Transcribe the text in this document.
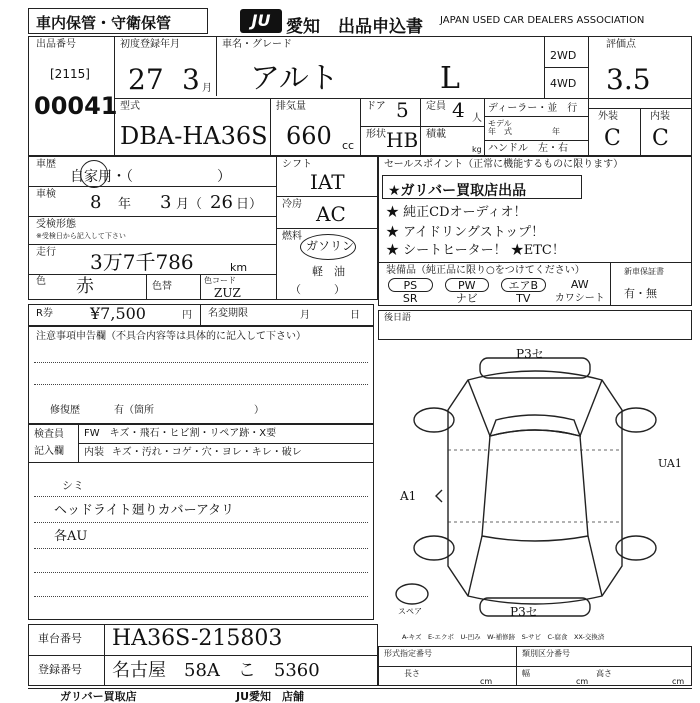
車内保管・守衛保管	JU 愛知 出品申込書 JAPAN USED CAR DEALERS ASSOCIATION
出品番号
[2115]
00041
初度登録年月
27 3 月
車名・グレード
アルト	L
2WD
4WD
評価点
3.5
外装	内装
C C
型式
DBA-HA36S
排気量
660 cc
ドア 5 定員 4 人
形状 HB 積載
kg
ディーラー・並　行
モデル
年　式　　　　　年
ハンドル　左・右
車歴
自家用・（　　　　　　）
車検 8 年 3 月（ 26 日）
受検形態
※受検日から記入して下さい
走行 3万7千786	km
色 赤	色替
色コード
ZUZ
シフト
IAT
冷房 AC
燃料
ガソリン
軽　油
（　　　）
セールスポイント（正常に機能するものに限ります）
★ガリバー買取店出品
★ 純正CDオーディオ！
★ アイドリングストップ！
★ シートヒーター！ ★ETC！
装備品（純正品に限り○をつけてください）	新車保証書
有・無
PS	PW	エアB	AW
SR	ナビ	TV	カワシート
R券 ¥7,500	円 名変期限	月	日
注意事項申告欄（不具合内容等は具体的に記入して下さい）
修復歴	有（箇所　　　　　　　　　　）
後日語
検査員
記入欄
FW　キズ・飛石・ヒビ割・リペア跡・X要
内装 キズ・汚れ・コゲ・穴・ヨレ・キレ・破レ
シミ
ヘッドライト廻りカバーアタリ
各AU
P3セ
P3セ
A1
UA1
スペア
A-キズ　E-エクボ　U-凹み　W-補修跡　S-サビ　C-腐食　XX-交換済
車台番号 HA36S-215803
登録番号 名古屋　58A　こ　5360
形式指定番号	類別区分番号
長さ
cm
幅
cm
高さ
cm
ガリバー買取店	JU愛知　店舗
